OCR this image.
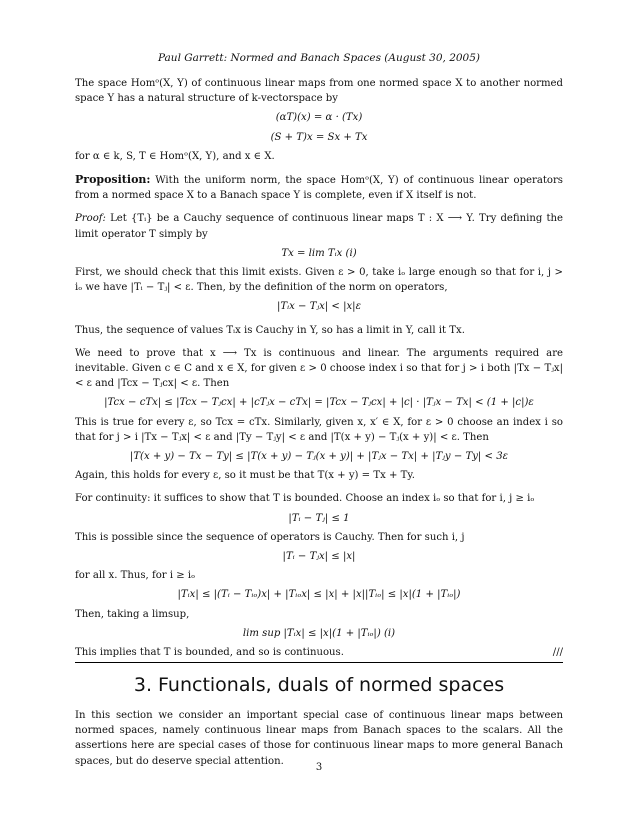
Paul Garrett: Normed and Banach Spaces (August 30, 2005)

The space Homᵒ(X, Y) of continuous linear maps from one normed space X to another normed space Y has a natural structure of k-vectorspace by

(αT)(x) = α · (Tx)
(S + T)x = Sx + Tx

for α ∈ k, S, T ∈ Homᵒ(X, Y), and x ∈ X.

Proposition: With the uniform norm, the space Homᵒ(X, Y) of continuous linear operators from a normed space X to a Banach space Y is complete, even if X itself is not.

Proof: Let {Tᵢ} be a Cauchy sequence of continuous linear maps T : X ⟶ Y. Try defining the limit operator T simply by

Tx = lim Tᵢx (i)

First, we should check that this limit exists. Given ε > 0, take iₒ large enough so that for i, j > iₒ we have |Tᵢ − Tⱼ| < ε. Then, by the definition of the norm on operators,

|Tᵢx − Tⱼx| < |x|ε

Thus, the sequence of values Tᵢx is Cauchy in Y, so has a limit in Y, call it Tx.

We need to prove that x ⟶ Tx is continuous and linear. The arguments required are inevitable. Given c ∈ C and x ∈ X, for given ε > 0 choose index i so that for j > i both |Tx − Tⱼx| < ε and |Tcx − Tⱼcx| < ε. Then

|Tcx − cTx| ≤ |Tcx − Tⱼcx| + |cTⱼx − cTx| = |Tcx − Tⱼcx| + |c| · |Tⱼx − Tx| < (1 + |c|)ε

This is true for every ε, so Tcx = cTx. Similarly, given x, x′ ∈ X, for ε > 0 choose an index i so that for j > i |Tx − Tⱼx| < ε and |Ty − Tⱼy| < ε and |T(x + y) − Tⱼ(x + y)| < ε. Then

|T(x + y) − Tx − Ty| ≤ |T(x + y) − Tⱼ(x + y)| + |Tⱼx − Tx| + |Tⱼy − Ty| < 3ε

Again, this holds for every ε, so it must be that T(x + y) = Tx + Ty.

For continuity: it suffices to show that T is bounded. Choose an index iₒ so that for i, j ≥ iₒ

|Tᵢ − Tⱼ| ≤ 1

This is possible since the sequence of operators is Cauchy. Then for such i, j

|Tᵢ − Tⱼx| ≤ |x|

for all x. Thus, for i ≥ iₒ

|Tᵢx| ≤ |(Tᵢ − Tᵢₒ)x| + |Tᵢₒx| ≤ |x| + |x||Tᵢₒ| ≤ |x|(1 + |Tᵢₒ|)

Then, taking a limsup,

lim sup |Tᵢx| ≤ |x|(1 + |Tᵢₒ|) (i)

This implies that T is bounded, and so is continuous.	///

3. Functionals, duals of normed spaces
In this section we consider an important special case of continuous linear maps between normed spaces, namely continuous linear maps from Banach spaces to the scalars. All the assertions here are special cases of those for continuous linear maps to more general Banach spaces, but do deserve special attention.
3
